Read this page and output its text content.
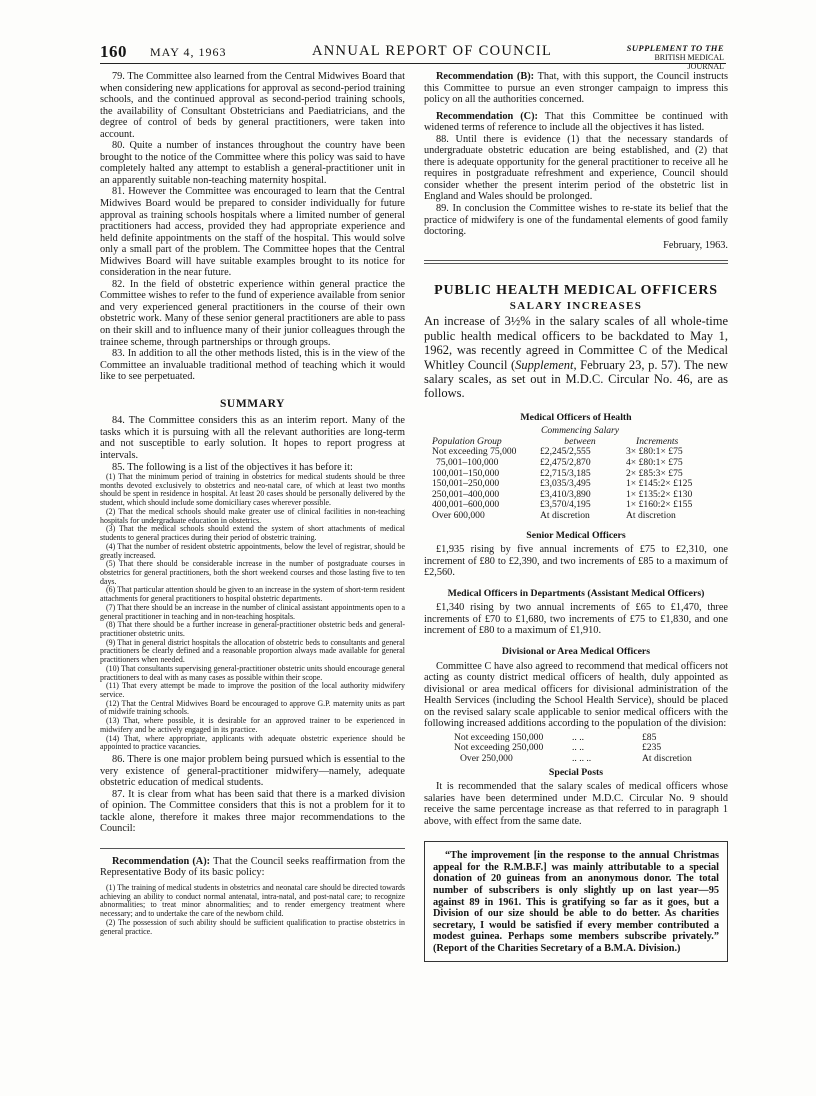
160 MAY 4, 1963	ANNUAL REPORT OF COUNCIL	SUPPLEMENT TO THE
BRITISH MEDICAL JOURNAL

79. The Committee also learned from the Central Midwives Board that when considering new applications for approval as second-period training schools, and the continued approval as second-period training schools, the availability of Consultant Obstetricians and Paediatricians, and the degree of control of beds by general practitioners, were taken into account.

80. Quite a number of instances throughout the country have been brought to the notice of the Committee where this policy was said to have completely halted any attempt to establish a general-practitioner unit in an apparently suitable non-teaching maternity hospital.

81. However the Committee was encouraged to learn that the Central Midwives Board would be prepared to consider individually for future approval as training schools hospitals where a limited number of general practitioners had access, provided they had appropriate experience and held definite appointments on the staff of the hospital. This would solve only a small part of the problem. The Committee hopes that the Central Midwives Board will have suitable examples brought to its notice for consideration in the near future.

82. In the field of obstetric experience within general practice the Committee wishes to refer to the fund of experience available from senior and very experienced general practitioners in the course of their own obstetric work. Many of these senior general practitioners are able to pass on their skill and to influence many of their junior colleagues through the trainee scheme, through partnerships or through groups.

83. In addition to all the other methods listed, this is in the view of the Committee an invaluable traditional method of teaching which it would like to see perpetuated.

SUMMARY

84. The Committee considers this as an interim report. Many of the tasks which it is pursuing with all the relevant authorities are long-term and not susceptible to early solution. It hopes to report progress at intervals.

85. The following is a list of the objectives it has before it:

(1) That the minimum period of training in obstetrics for medical students should be three months devoted exclusively to obstetrics and neo-natal care, of which at least two months should be spent in residence in hospital. At least 20 cases should be personally delivered by the student, which should include some domiciliary cases wherever possible.

(2) That the medical schools should make greater use of clinical facilities in non-teaching hospitals for undergraduate education in obstetrics.

(3) That the medical schools should extend the system of short attachments of medical students to general practices during their period of obstetric training.

(4) That the number of resident obstetric appointments, below the level of registrar, should be greatly increased.

(5) That there should be considerable increase in the number of postgraduate courses in obstetrics for general practitioners, both the short weekend courses and those lasting five to ten days.

(6) That particular attention should be given to an increase in the system of short-term resident attachments for general practitioners to hospital obstetric departments.

(7) That there should be an increase in the number of clinical assistant appointments open to a general practitioner in teaching and in non-teaching hospitals.

(8) That there should be a further increase in general-practitioner obstetric beds and general-practitioner obstetric units.

(9) That in general district hospitals the allocation of obstetric beds to consultants and general practitioners be clearly defined and a reasonable proportion always made available for general practitioners when needed.

(10) That consultants supervising general-practitioner obstetric units should encourage general practitioners to deal with as many cases as possible within their scope.

(11) That every attempt be made to improve the position of the local authority midwifery service.

(12) That the Central Midwives Board be encouraged to approve G.P. maternity units as part of midwife training schools.

(13) That, where possible, it is desirable for an approved trainer to be experienced in midwifery and be actively engaged in its practice.

(14) That, where appropriate, applicants with adequate obstetric experience should be appointed to practice vacancies.

86. There is one major problem being pursued which is essential to the very existence of general-practitioner midwifery—namely, adequate obstetric education of medical students.

87. It is clear from what has been said that there is a marked division of opinion. The Committee considers that this is not a problem for it to tackle alone, therefore it makes three major recommendations to the Council:

Recommendation (A): That the Council seeks reaffirmation from the Representative Body of its basic policy:

(1) The training of medical students in obstetrics and neonatal care should be directed towards achieving an ability to conduct normal antenatal, intra-natal, and post-natal care; to recognize abnormalities; to treat minor abnormalities; and to render emergency treatment where necessary; and to undertake the care of the newborn child.

(2) The possession of such ability should be sufficient qualification to practise obstetrics in general practice.

Recommendation (B): That, with this support, the Council instructs this Committee to pursue an even stronger campaign to impress this policy on all the authorities concerned.

Recommendation (C): That this Committee be continued with widened terms of reference to include all the objectives it has listed.

88. Until there is evidence (1) that the necessary standards of undergraduate obstetric education are being established, and (2) that there is adequate opportunity for the general practitioner to receive all he requires in postgraduate refreshment and experience, Council should consider whether the present interim period of the obstetric list in England and Wales should be prolonged.

89. In conclusion the Committee wishes to re-state its belief that the practice of midwifery is one of the fundamental elements of good family doctoring.

February, 1963.

PUBLIC HEALTH MEDICAL OFFICERS
SALARY INCREASES

An increase of 3½% in the salary scales of all whole-time public health medical officers to be backdated to May 1, 1962, was recently agreed in Committee C of the Medical Whitley Council (Supplement, February 23, p. 57). The new salary scales, as set out in M.D.C. Circular No. 46, are as follows.

Medical Officers of Health
	Commencing Salary	
Population Group	between	Increments
Not exceeding 75,000	£2,245/2,555	3× £80:1× £75
75,001–100,000	£2,475/2,870	4× £80:1× £75
100,001–150,000	£2,715/3,185	2× £85:3× £75
150,001–250,000	£3,035/3,495	1× £145:2× £125
250,001–400,000	£3,410/3,890	1× £135:2× £130
400,001–600,000	£3,570/4,195	1× £160:2× £155
Over 600,000	At discretion	At discretion
Senior Medical Officers

£1,935 rising by five annual increments of £75 to £2,310, one increment of £80 to £2,390, and two increments of £85 to a maximum of £2,560.

Medical Officers in Departments (Assistant Medical Officers)

£1,340 rising by two annual increments of £65 to £1,470, three increments of £70 to £1,680, two increments of £75 to £1,830, and one increment of £80 to a maximum of £1,910.

Divisional or Area Medical Officers

Committee C have also agreed to recommend that medical officers not acting as county district medical officers of health, duly appointed as divisional or area medical officers for divisional administration of the Health Services (including the School Health Service), should be placed on the revised salary scale applicable to senior medical officers with the following increased additions according to the population of the division:

Not exceeding 150,000	.. ..	£85
Not exceeding 250,000	.. ..	£235
Over 250,000	.. .. ..	At discretion
Special Posts

It is recommended that the salary scales of medical officers whose salaries have been determined under M.D.C. Circular No. 9 should receive the same percentage increase as that referred to in paragraph 1 above, with effect from the same date.

“The improvement [in the response to the annual Christmas appeal for the R.M.B.F.] was mainly attributable to a special donation of 20 guineas from an anonymous donor. The total number of subscribers is only slightly up on last year—95 against 89 in 1961. This is gratifying so far as it goes, but a Division of our size should be able to do better. As charities secretary, I would be satisfied if every member contributed a modest guinea. Perhaps some members subscribe privately.” (Report of the Charities Secretary of a B.M.A. Division.)
